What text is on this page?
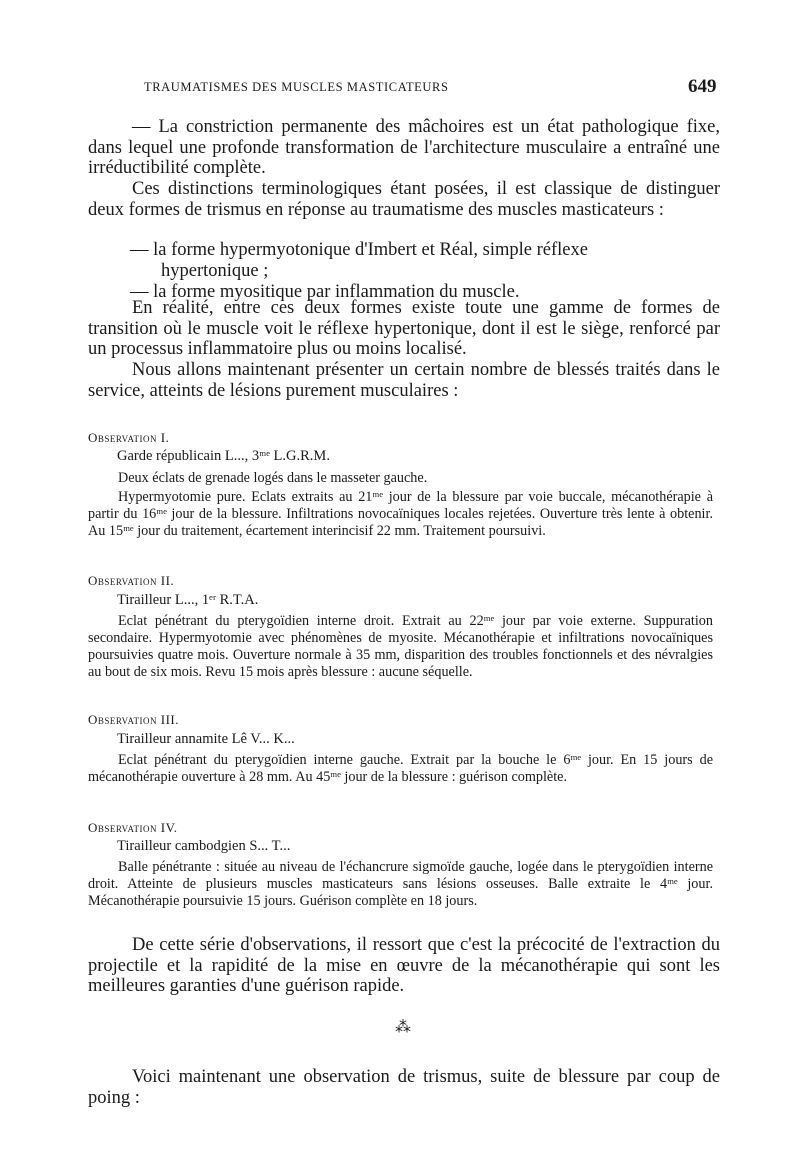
TRAUMATISMES DES MUSCLES MASTICATEURS	649

— La constriction permanente des mâchoires est un état pathologique fixe, dans lequel une profonde transformation de l'architecture musculaire a entraîné une irréductibilité complète.

Ces distinctions terminologiques étant posées, il est classique de distinguer deux formes de trismus en réponse au traumatisme des muscles masticateurs :

— la forme hypermyotonique d'Imbert et Réal, simple réflexe
hypertonique ;

— la forme myositique par inflammation du muscle.

En réalité, entre ces deux formes existe toute une gamme de formes de transition où le muscle voit le réflexe hypertonique, dont il est le siège, renforcé par un processus inflammatoire plus ou moins localisé.

Nous allons maintenant présenter un certain nombre de blessés traités dans le service, atteints de lésions purement musculaires :

Observation I.

Garde républicain L..., 3ᵐᵉ L.G.R.M.

Deux éclats de grenade logés dans le masseter gauche.

Hypermyotomie pure. Eclats extraits au 21ᵐᵉ jour de la blessure par voie buccale, mécanothérapie à partir du 16ᵐᵉ jour de la blessure. Infiltrations novocaïniques locales rejetées. Ouverture très lente à obtenir. Au 15ᵐᵉ jour du traitement, écartement interincisif 22 mm. Traitement poursuivi.

Observation II.

Tirailleur L..., 1ᵉʳ R.T.A.

Eclat pénétrant du pterygoïdien interne droit. Extrait au 22ᵐᵉ jour par voie externe. Suppuration secondaire. Hypermyotomie avec phénomènes de myosite. Mécanothérapie et infiltrations novocaïniques poursuivies quatre mois. Ouverture normale à 35 mm, disparition des troubles fonctionnels et des névralgies au bout de six mois. Revu 15 mois après blessure : aucune séquelle.

Observation III.

Tirailleur annamite Lê V... K...

Eclat pénétrant du pterygoïdien interne gauche. Extrait par la bouche le 6ᵐᵉ jour. En 15 jours de mécanothérapie ouverture à 28 mm. Au 45ᵐᵉ jour de la blessure : guérison complète.

Observation IV.

Tirailleur cambodgien S... T...

Balle pénétrante : située au niveau de l'échancrure sigmoïde gauche, logée dans le pterygoïdien interne droit. Atteinte de plusieurs muscles masticateurs sans lésions osseuses. Balle extraite le 4ᵐᵉ jour. Mécanothérapie poursuivie 15 jours. Guérison complète en 18 jours.

De cette série d'observations, il ressort que c'est la précocité de l'extraction du projectile et la rapidité de la mise en œuvre de la mécanothérapie qui sont les meilleures garanties d'une guérison rapide.

⁂

Voici maintenant une observation de trismus, suite de blessure par coup de poing :
